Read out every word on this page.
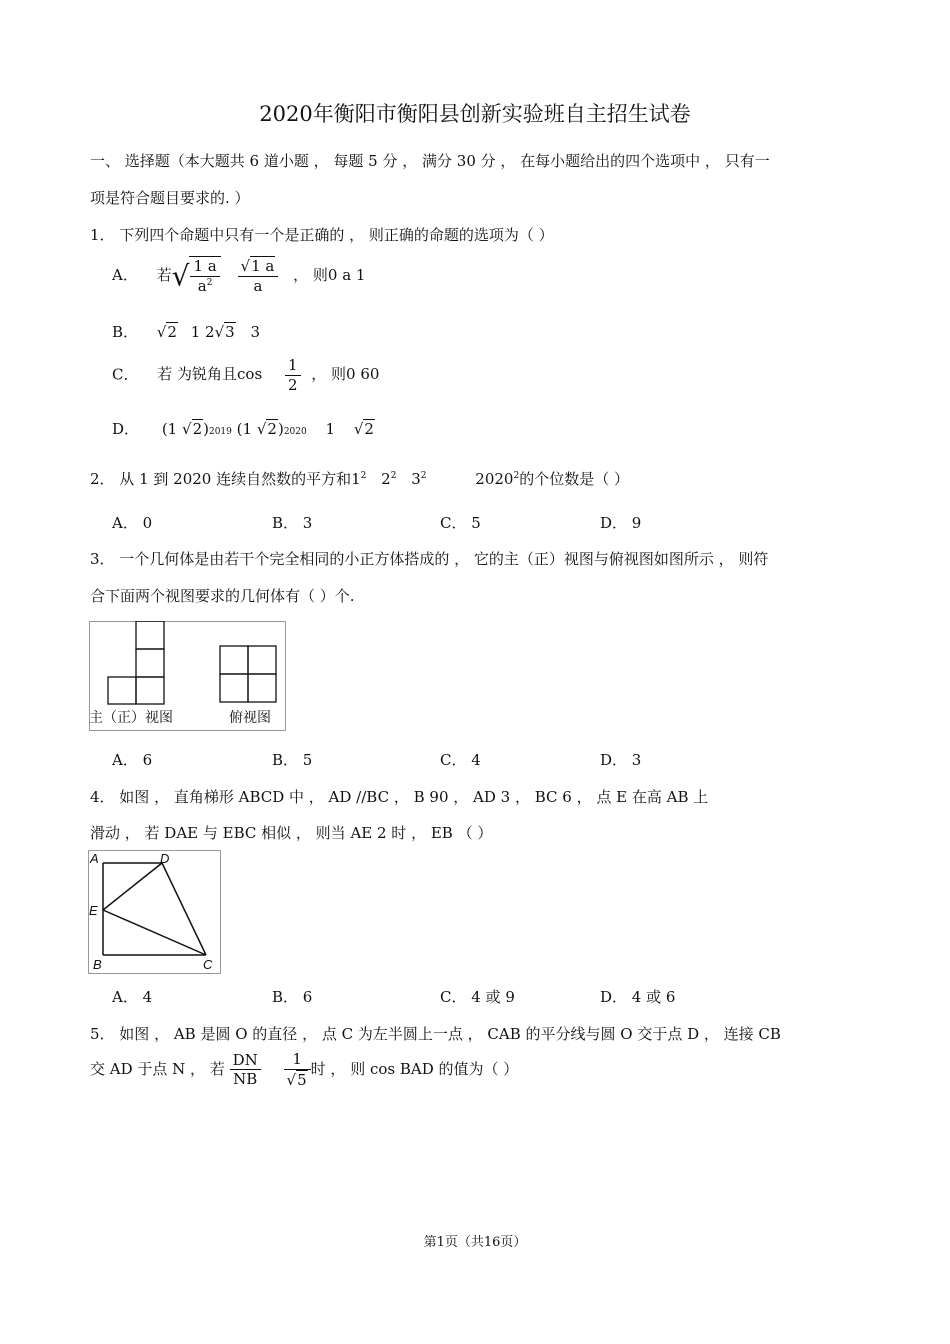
2020年衡阳市衡阳县创新实验班自主招生试卷
一、 选择题（本大题共 6 道小题 ， 每题 5 分 ， 满分 30 分 ， 在每小题给出的四个选项中 ， 只有一
项是符合题目要求的. ）
1． 下列四个命题中只有一个是正确的 ， 则正确的命题的选项为（ ）
A． 若√ $\frac{1 a}{a^2}$
$\frac{√1 a}{a}$ ， 则0 a 1
B． √2 1 2√3 3
C． 若 为锐角且$\cos \frac{1}{2}$ ， 则0 60
D． (1 √2)2019 (1 √2)2020 1 √2
2． 从 1 到 2020 连续自然数的平方和$1^2$ $2^2$ $3^2$	2020$^2$的个位数是（ ）
A． 0	B． 3	C． 5	D． 9
3． 一个几何体是由若干个完全相同的小正方体搭成的 ， 它的主（正）视图与俯视图如图所示 ， 则符
合下面两个视图要求的几何体有（ ）个.
主（正）视图	俯视图
A． 6	B． 5	C． 4	D． 3
4． 如图 ， 直角梯形 ABCD 中 ， AD //BC ， B 90 ， AD 3 ， BC 6 ， 点 E 在高 AB 上
滑动 ， 若 DAE 与 EBC 相似 ， 则当 AE 2 时 ， EB （ ）
A	D
E
B	C
A． 4	B． 6	C． 4 或 9	D． 4 或 6
5． 如图 ， AB 是圆 O 的直径 ， 点 C 为左半圆上一点 ， CAB 的平分线与圆 O 交于点 D ， 连接 CB
交 AD 于点 N ， 若 $\frac{DN}{NB}$
$\frac{1}{√5}$ 时 ， 则 cos BAD 的值为（ ）
第1页（共16页）
